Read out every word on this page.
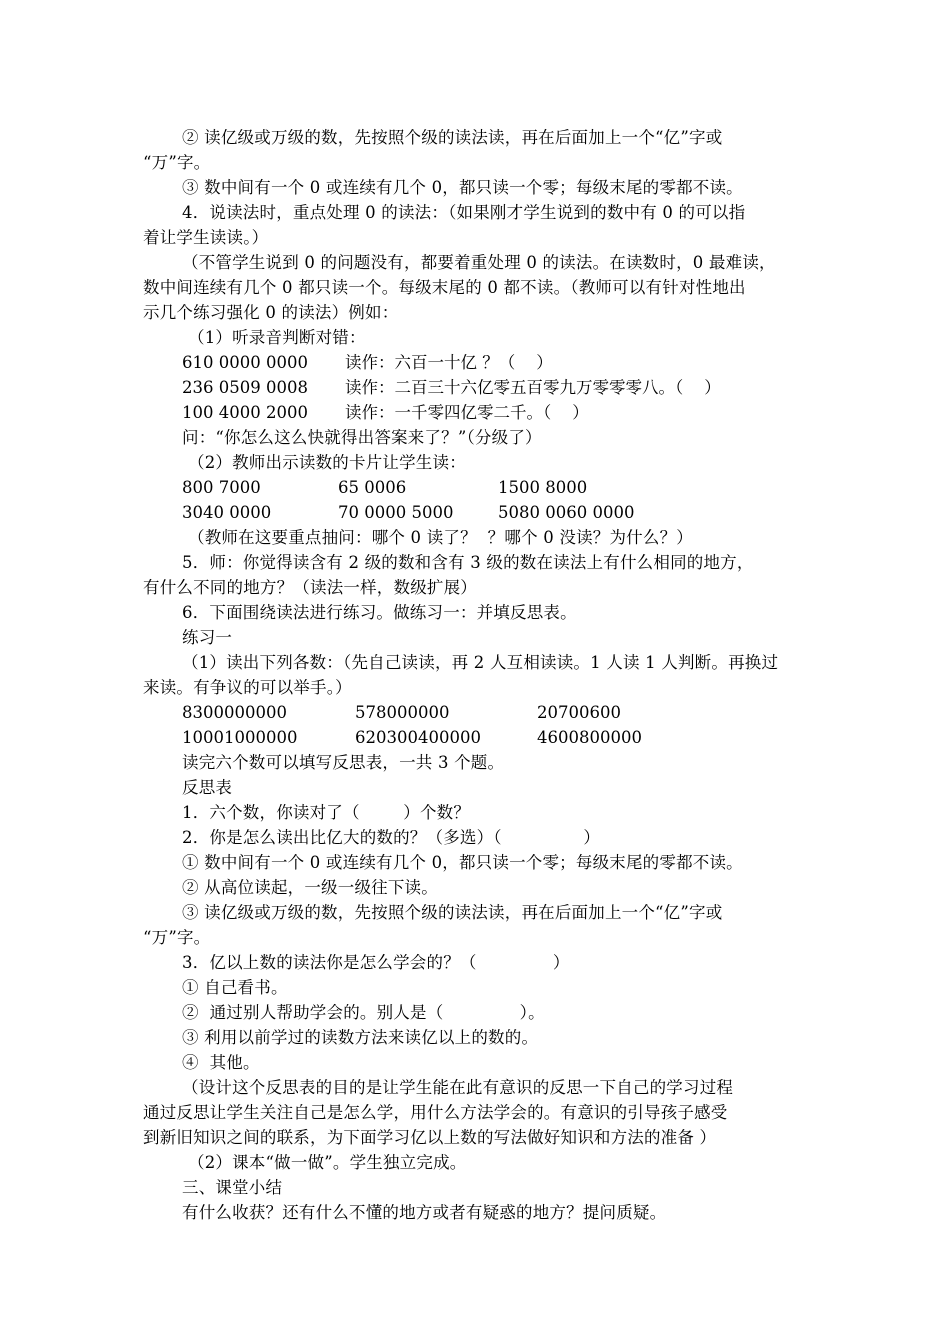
② 读亿级或万级的数，先按照个级的读法读，再在后面加上一个“亿”字或
“万”字。
③ 数中间有一个 0 或连续有几个 0，都只读一个零；每级末尾的零都不读。
4．说读法时，重点处理 0 的读法：（如果刚才学生说到的数中有 0 的可以指
着让学生读读。）
（不管学生说到 0 的问题没有，都要着重处理 0 的读法。在读数时，0 最难读，
数中间连续有几个 0 都只读一个。每级末尾的 0 都不读。（教师可以有针对性地出
示几个练习强化 0 的读法）例如：
（1）听录音判断对错：
610 0000 0000 读作：六百一十亿 ？（    ）
236 0509 0008 读作：二百三十六亿零五百零九万零零零八。（    ）
100 4000 2000 读作：一千零四亿零二千。（    ）
问：“你怎么这么快就得出答案来了？”（分级了）
（2）教师出示读数的卡片让学生读：
800 7000	65 0006	1500 8000
3040 0000	70 0000 5000	5080 0060 0000
（教师在这要重点抽问：哪个 0 读了？  ？哪个 0 没读？为什么？）
5．师：你觉得读含有 2 级的数和含有 3 级的数在读法上有什么相同的地方，
有什么不同的地方？（读法一样，数级扩展）
6．下面围绕读法进行练习。做练习一：并填反思表。
练习一
（1）读出下列各数：（先自己读读，再 2 人互相读读。1 人读 1 人判断。再换过
来读。有争议的可以举手。）
8300000000	578000000	20700600
10001000000	620300400000	4600800000
读完六个数可以填写反思表，一共 3 个题。
反思表
1．六个数，你读对了（        ）个数？
2．你是怎么读出比亿大的数的？（多选）（               ）
① 数中间有一个 0 或连续有几个 0，都只读一个零；每级末尾的零都不读。
② 从高位读起，一级一级往下读。
③ 读亿级或万级的数，先按照个级的读法读，再在后面加上一个“亿”字或
“万”字。
3．亿以上数的读法你是怎么学会的？（              ）
① 自己看书。
②  通过别人帮助学会的。别人是（              ）。
③ 利用以前学过的读数方法来读亿以上的数的。
④  其他。
（设计这个反思表的目的是让学生能在此有意识的反思一下自己的学习过程
通过反思让学生关注自己是怎么学，用什么方法学会的。有意识的引导孩子感受
到新旧知识之间的联系，为下面学习亿以上数的写法做好知识和方法的准备 ）
（2）课本“做一做”。学生独立完成。
三、课堂小结
有什么收获？还有什么不懂的地方或者有疑惑的地方？提问质疑。
